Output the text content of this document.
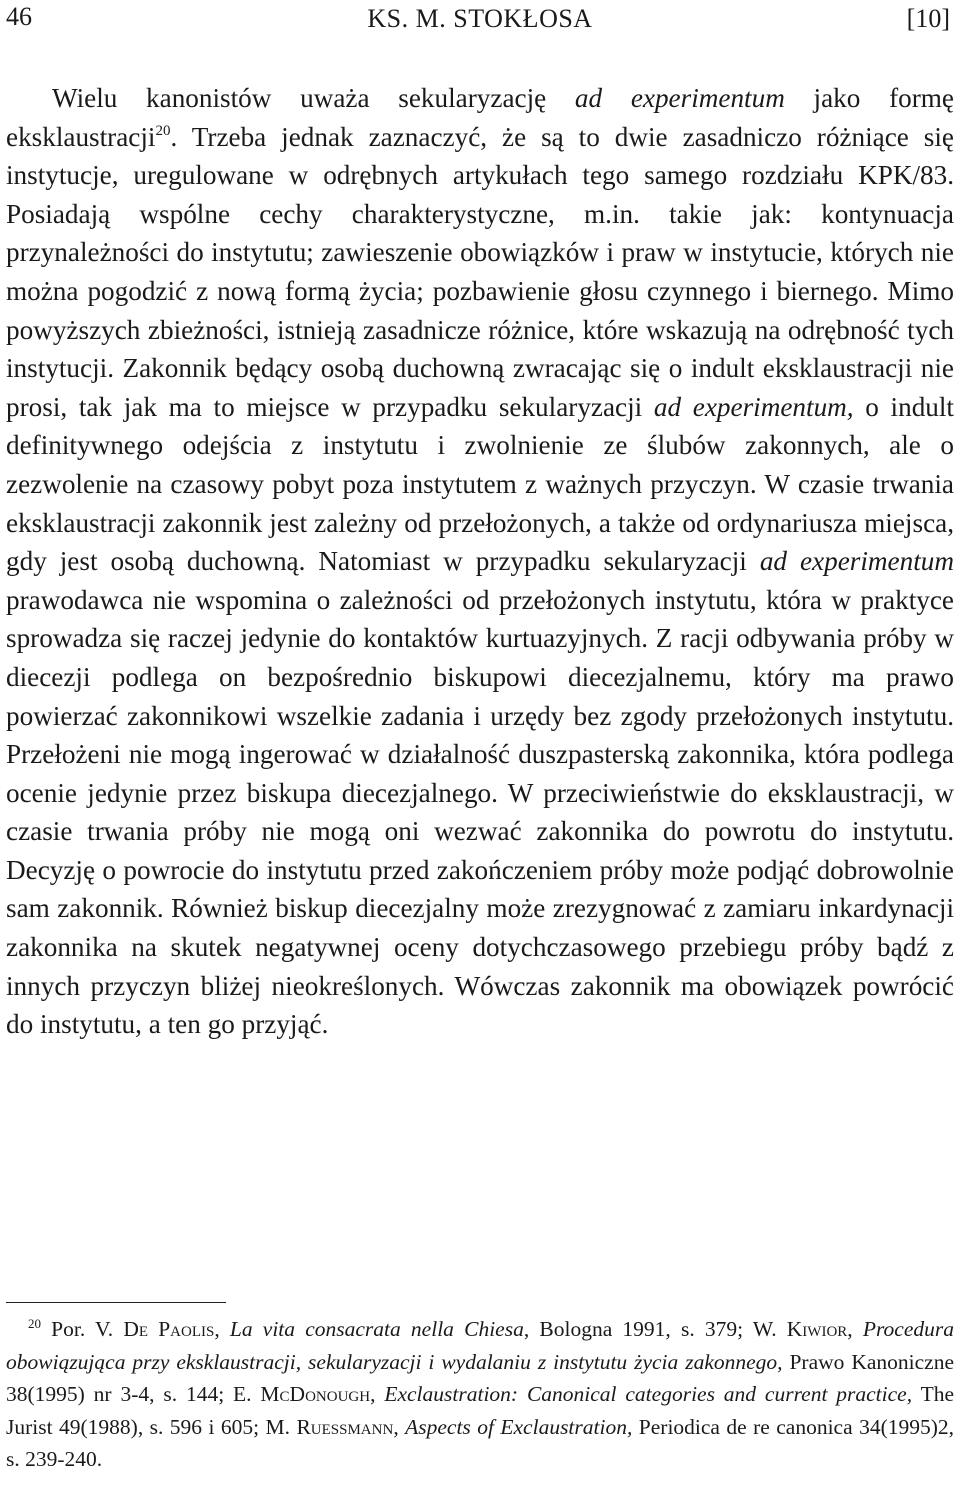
46	KS. M. STOKŁOSA	[10]

Wielu kanonistów uważa sekularyzację ad experimentum jako formę eksklaustracji$^{20}$. Trzeba jednak zaznaczyć, że są to dwie zasadniczo różniące się instytucje, uregulowane w odrębnych artykułach tego samego rozdziału KPK/83. Posiadają wspólne cechy charakterystyczne, m.in. takie jak: kontynuacja przynależności do instytutu; zawieszenie obowiązków i praw w instytucie, których nie można pogodzić z nową formą życia; pozbawienie głosu czynnego i biernego. Mimo powyższych zbieżności, istnieją zasadnicze różnice, które wskazują na odrębność tych instytucji. Zakonnik będący osobą duchowną zwracając się o indult eksklaustracji nie prosi, tak jak ma to miejsce w przypadku sekularyzacji ad experimentum, o indult definitywnego odejścia z instytutu i zwolnienie ze ślubów zakonnych, ale o zezwolenie na czasowy pobyt poza instytutem z ważnych przyczyn. W czasie trwania eksklaustracji zakonnik jest zależny od przełożonych, a także od ordynariusza miejsca, gdy jest osobą duchowną. Natomiast w przypadku sekularyzacji ad experimentum prawodawca nie wspomina o zależności od przełożonych instytutu, która w praktyce sprowadza się raczej jedynie do kontaktów kurtuazyjnych. Z racji odbywania próby w diecezji podlega on bezpośrednio biskupowi diecezjalnemu, który ma prawo powierzać zakonnikowi wszelkie zadania i urzędy bez zgody przełożonych instytutu. Przełożeni nie mogą ingerować w działalność duszpasterską zakonnika, która podlega ocenie jedynie przez biskupa diecezjalnego. W przeciwieństwie do eksklaustracji, w czasie trwania próby nie mogą oni wezwać zakonnika do powrotu do instytutu. Decyzję o powrocie do instytutu przed zakończeniem próby może podjąć dobrowolnie sam zakonnik. Również biskup diecezjalny może zrezygnować z zamiaru inkardynacji zakonnika na skutek negatywnej oceny dotychczasowego przebiegu próby bądź z innych przyczyn bliżej nieokreślonych. Wówczas zakonnik ma obowiązek powrócić do instytutu, a ten go przyjąć.

$^{20}$ Por. V. De Paolis, La vita consacrata nella Chiesa, Bologna 1991, s. 379; W. Kiwior, Procedura obowiązująca przy eksklaustracji, sekularyzacji i wydalaniu z instytutu życia zakonnego, Prawo Kanoniczne 38(1995) nr 3-4, s. 144; E. McDonough, Exclaustration: Canonical categories and current practice, The Jurist 49(1988), s. 596 i 605; M. Ruessmann, Aspects of Exclaustration, Periodica de re canonica 34(1995)2, s. 239-240.
